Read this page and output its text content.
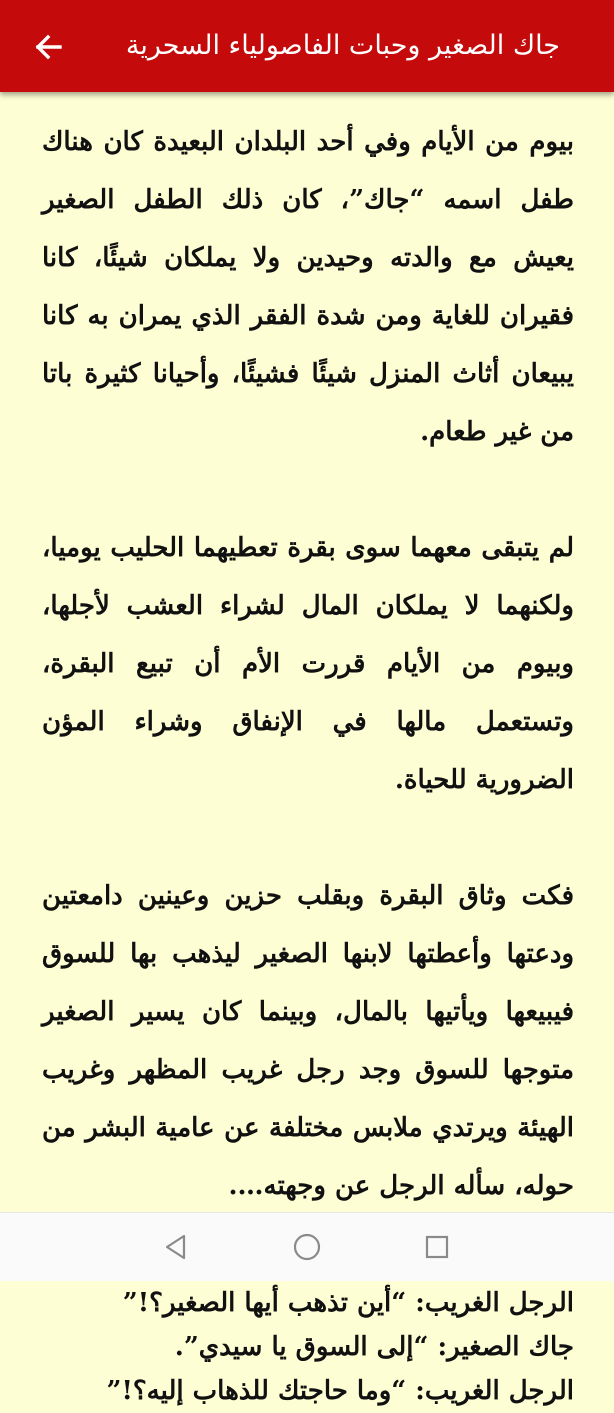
جاك الصغير وحبات الفاصولياء السحرية

بيوم من الأيام وفي أحد البلدان البعيدة كان هناك طفل اسمه “جاك”، كان ذلك الطفل الصغير يعيش مع والدته وحيدين ولا يملكان شيئًا، كانا فقيران للغاية ومن شدة الفقر الذي يمران به كانا يبيعان أثاث المنزل شيئًا فشيئًا، وأحيانا كثيرة باتا من غير طعام.

لم يتبقى معهما سوى بقرة تعطيهما الحليب يوميا، ولكنهما لا يملكان المال لشراء العشب لأجلها، وبيوم من الأيام قررت الأم أن تبيع البقرة، وتستعمل مالها في الإنفاق وشراء المؤن الضرورية للحياة.

فكت وثاق البقرة وبقلب حزين وعينين دامعتين ودعتها وأعطتها لابنها الصغير ليذهب بها للسوق فيبيعها ويأتيها بالمال، وبينما كان يسير الصغير متوجها للسوق وجد رجل غريب المظهر وغريب الهيئة ويرتدي ملابس مختلفة عن عامية البشر من حوله، سأله الرجل عن وجهته….

الرجل الغريب: “أين تذهب أيها الصغير؟!”
جاك الصغير: “إلى السوق يا سيدي”.
الرجل الغريب: “وما حاجتك للذهاب إليه؟!”
